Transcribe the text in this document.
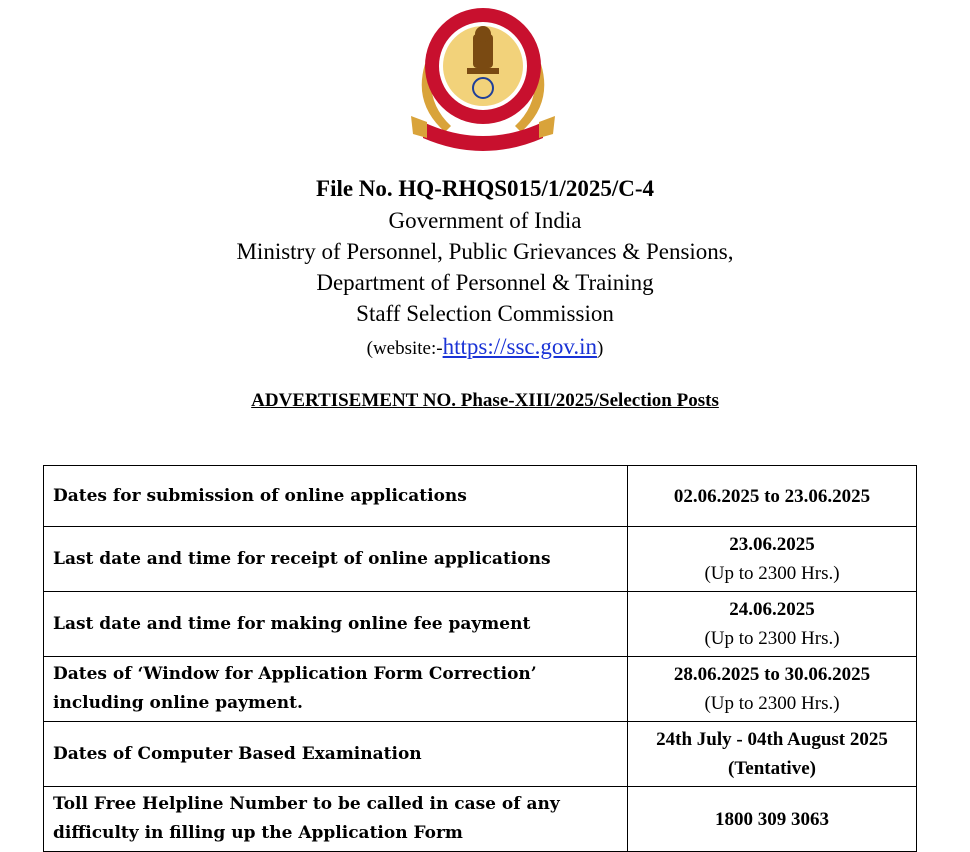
File No. HQ-RHQS015/1/2025/C-4
Government of India
Ministry of Personnel, Public Grievances & Pensions,
Department of Personnel & Training
Staff Selection Commission
(website:-https://ssc.gov.in)
ADVERTISEMENT NO. Phase-XIII/2025/Selection Posts
Dates for submission of online applications	02.06.2025 to 23.06.2025

Last date and time for receipt of online applications	23.06.2025
(Up to 2300 Hrs.)

Last date and time for making online fee payment	24.06.2025
(Up to 2300 Hrs.)

Dates of ‘Window for Application Form Correction’ including online payment.	28.06.2025 to 30.06.2025
(Up to 2300 Hrs.)

Dates of Computer Based Examination	24th July - 04th August 2025
(Tentative)

Toll Free Helpline Number to be called in case of any difficulty in filling up the Application Form	1800 309 3063
